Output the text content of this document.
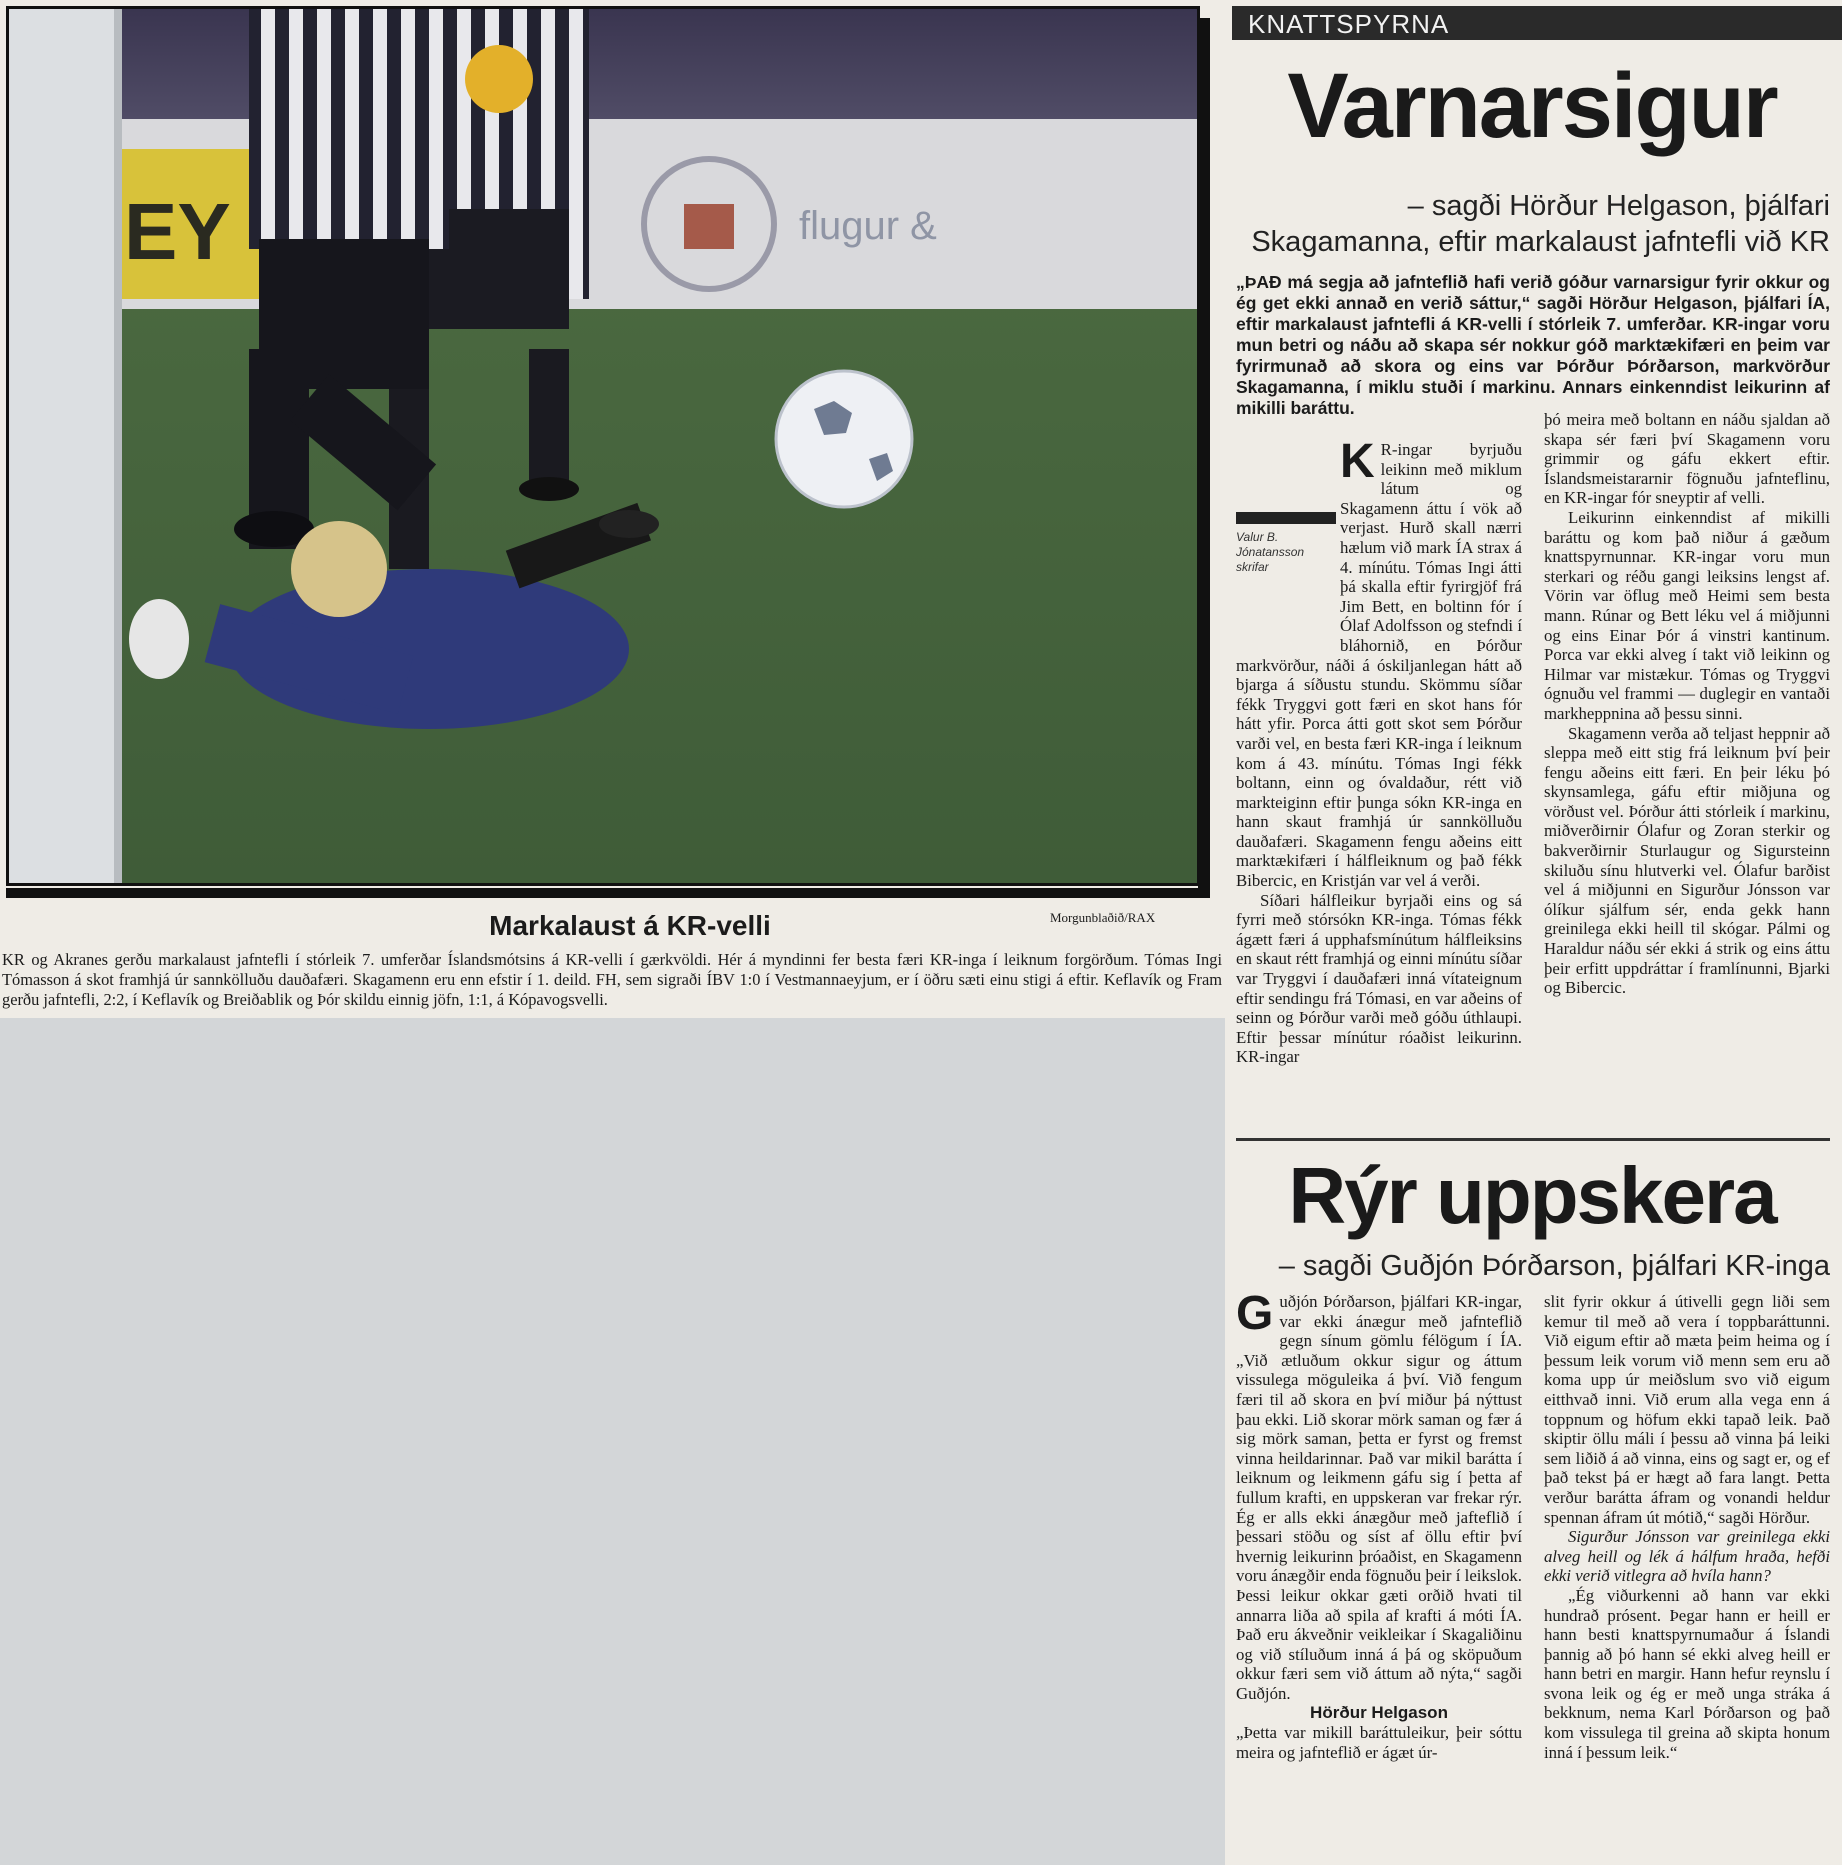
EY	flugur &
Markalaust á KR-velli	Morgunblaðið/RAX
KR og Akranes gerðu markalaust jafntefli í stórleik 7. umferðar Íslandsmótsins á KR-velli í gærkvöldi. Hér á myndinni fer besta færi KR-inga í leiknum forgörðum. Tómas Ingi Tómasson á skot framhjá úr sannkölluðu dauðafæri. Skagamenn eru enn efstir í 1. deild. FH, sem sigraði ÍBV 1:0 í Vestmannaeyjum, er í öðru sæti einu stigi á eftir. Keflavík og Fram gerðu jafntefli, 2:2, í Keflavík og Breiðablik og Þór skildu einnig jöfn, 1:1, á Kópavogsvelli.
KNATTSPYRNA
Varnarsigur
– sagði Hörður Helgason, þjálfari Skagamanna, eftir markalaust jafntefli við KR
„ÞAÐ má segja að jafnteflið hafi verið góður varnarsigur fyrir okkur og ég get ekki annað en verið sáttur,“ sagði Hörður Helgason, þjálfari ÍA, eftir markalaust jafntefli á KR-velli í stórleik 7. umferðar. KR-ingar voru mun betri og náðu að skapa sér nokkur góð marktækifæri en þeim var fyrirmunað að skora og eins var Þórður Þórðarson, markvörður Skagamanna, í miklu stuði í markinu. Annars einkenndist leikurinn af mikilli baráttu.

K R-ingar byrjuðu leikinn með miklum látum og Skagamenn áttu í vök að verjast. Hurð skall nærri hælum við mark ÍA strax á 4. mínútu. Tómas Ingi átti þá skalla eftir fyrirgjöf frá Jim Bett, en boltinn fór í Ólaf Adolfsson og stefndi í bláhornið, en Þórður markvörður, náði á óskiljanlegan hátt að bjarga á síðustu stundu. Skömmu síðar fékk Tryggvi gott færi en skot hans fór hátt yfir. Porca átti gott skot sem Þórður varði vel, en besta færi KR-inga í leiknum kom á 43. mínútu. Tómas Ingi fékk boltann, einn og óvaldaður, rétt við markteiginn eftir þunga sókn KR-inga en hann skaut framhjá úr sannkölluðu dauðafæri. Skagamenn fengu aðeins eitt marktækifæri í hálfleiknum og það fékk Bibercic, en Kristján var vel á verði.

Síðari hálfleikur byrjaði eins og sá fyrri með stórsókn KR-inga. Tómas fékk ágætt færi á upphafsmínútum hálfleiksins en skaut rétt framhjá og einni mínútu síðar var Tryggvi í dauðafæri inná vítateignum eftir sendingu frá Tómasi, en var aðeins of seinn og Þórður varði með góðu úthlaupi. Eftir þessar mínútur róaðist leikurinn. KR-ingar

þó meira með boltann en náðu sjaldan að skapa sér færi því Skagamenn voru grimmir og gáfu ekkert eftir. Íslandsmeistararnir fögnuðu jafnteflinu, en KR-ingar fór sneyptir af velli.

Leikurinn einkenndist af mikilli baráttu og kom það niður á gæðum knattspyrnunnar. KR-ingar voru mun sterkari og réðu gangi leiksins lengst af. Vörin var öflug með Heimi sem besta mann. Rúnar og Bett léku vel á miðjunni og eins Einar Þór á vinstri kantinum. Porca var ekki alveg í takt við leikinn og Hilmar var mistækur. Tómas og Tryggvi ógnuðu vel frammi — duglegir en vantaði markheppnina að þessu sinni.

Skagamenn verða að teljast heppnir að sleppa með eitt stig frá leiknum því þeir fengu aðeins eitt færi. En þeir léku þó skynsamlega, gáfu eftir miðjuna og vörðust vel. Þórður átti stórleik í markinu, miðverðirnir Ólafur og Zoran sterkir og bakverðirnir Sturlaugur og Sigursteinn skiluðu sínu hlutverki vel. Ólafur barðist vel á miðjunni en Sigurður Jónsson var ólíkur sjálfum sér, enda gekk hann greinilega ekki heill til skógar. Pálmi og Haraldur náðu sér ekki á strik og eins áttu þeir erfitt uppdráttar í framlínunni, Bjarki og Bibercic.

Valur B. Jónatansson skrifar
Rýr uppskera
– sagði Guðjón Þórðarson, þjálfari KR-inga

G uðjón Þórðarson, þjálfari KR-ingar, var ekki ánægur með jafnteflið gegn sínum gömlu félögum í ÍA. „Við ætluðum okkur sigur og áttum vissulega möguleika á því. Við fengum færi til að skora en því miður þá nýttust þau ekki. Lið skorar mörk saman og fær á sig mörk saman, þetta er fyrst og fremst vinna heildarinnar. Það var mikil barátta í leiknum og leikmenn gáfu sig í þetta af fullum krafti, en uppskeran var frekar rýr. Ég er alls ekki ánægður með jafteflið í þessari stöðu og síst af öllu eftir því hvernig leikurinn þróaðist, en Skagamenn voru ánægðir enda fögnuðu þeir í leikslok. Þessi leikur okkar gæti orðið hvati til annarra liða að spila af krafti á móti ÍA. Það eru ákveðnir veikleikar í Skagaliðinu og við stíluðum inná á þá og sköpuðum okkur færi sem við áttum að nýta,“ sagði Guðjón.

Hörður Helgason

„Þetta var mikill baráttuleikur, þeir sóttu meira og jafnteflið er ágæt úr-

slit fyrir okkur á útivelli gegn liði sem kemur til með að vera í toppbaráttunni. Við eigum eftir að mæta þeim heima og í þessum leik vorum við menn sem eru að koma upp úr meiðslum svo við eigum eitthvað inni. Við erum alla vega enn á toppnum og höfum ekki tapað leik. Það skiptir öllu máli í þessu að vinna þá leiki sem liðið á að vinna, eins og sagt er, og ef það tekst þá er hægt að fara langt. Þetta verður barátta áfram og vonandi heldur spennan áfram út mótið,“ sagði Hörður.

Sigurður Jónsson var greinilega ekki alveg heill og lék á hálfum hraða, hefði ekki verið vitlegra að hvíla hann?

„Ég viðurkenni að hann var ekki hundrað prósent. Þegar hann er heill er hann besti knattspyrnumaður á Íslandi þannig að þó hann sé ekki alveg heill er hann betri en margir. Hann hefur reynslu í svona leik og ég er með unga stráka á bekknum, nema Karl Þórðarson og það kom vissulega til greina að skipta honum inná í þessum leik.“
